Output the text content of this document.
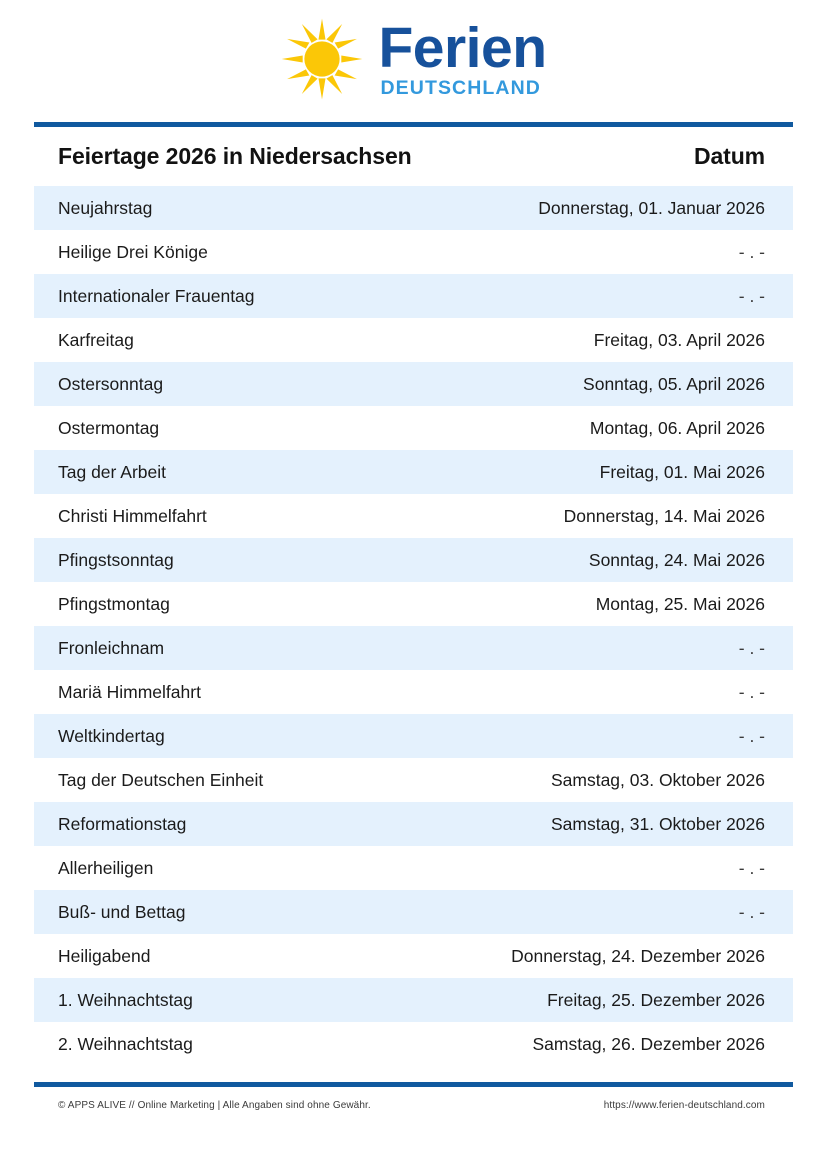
Ferien
DEUTSCHLAND
Feiertage 2026 in Niedersachsen	Datum
Neujahrstag	Donnerstag, 01. Januar 2026
Heilige Drei Könige	- . -
Internationaler Frauentag	- . -
Karfreitag	Freitag, 03. April 2026
Ostersonntag	Sonntag, 05. April 2026
Ostermontag	Montag, 06. April 2026
Tag der Arbeit	Freitag, 01. Mai 2026
Christi Himmelfahrt	Donnerstag, 14. Mai 2026
Pfingstsonntag	Sonntag, 24. Mai 2026
Pfingstmontag	Montag, 25. Mai 2026
Fronleichnam	- . -
Mariä Himmelfahrt	- . -
Weltkindertag	- . -
Tag der Deutschen Einheit	Samstag, 03. Oktober 2026
Reformationstag	Samstag, 31. Oktober 2026
Allerheiligen	- . -
Buß- und Bettag	- . -
Heiligabend	Donnerstag, 24. Dezember 2026
1. Weihnachtstag	Freitag, 25. Dezember 2026
2. Weihnachtstag	Samstag, 26. Dezember 2026
© APPS ALIVE // Online Marketing | Alle Angaben sind ohne Gewähr.	https://www.ferien-deutschland.com
